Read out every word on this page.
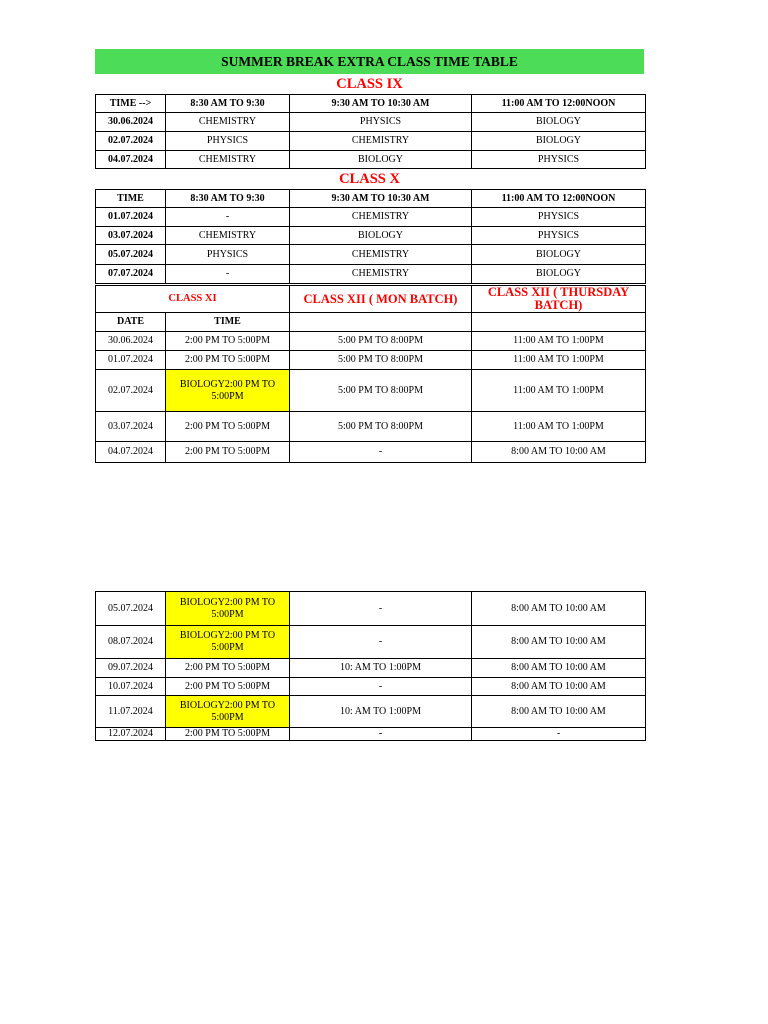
SUMMER BREAK EXTRA CLASS TIME TABLE
CLASS IX
TIME -->	8:30 AM TO 9:30	9:30 AM TO 10:30 AM	11:00 AM TO 12:00NOON
30.06.2024	CHEMISTRY	PHYSICS	BIOLOGY
02.07.2024	PHYSICS	CHEMISTRY	BIOLOGY
04.07.2024	CHEMISTRY	BIOLOGY	PHYSICS
CLASS X
TIME	8:30 AM TO 9:30	9:30 AM TO 10:30 AM	11:00 AM TO 12:00NOON
01.07.2024	-	CHEMISTRY	PHYSICS
03.07.2024	CHEMISTRY	BIOLOGY	PHYSICS
05.07.2024	PHYSICS	CHEMISTRY	BIOLOGY
07.07.2024	-	CHEMISTRY	BIOLOGY
CLASS XI		CLASS XII ( MON BATCH)	CLASS XII ( THURSDAY BATCH)
DATE	TIME		
30.06.2024	2:00 PM TO 5:00PM	5:00 PM TO 8:00PM	11:00 AM TO 1:00PM
01.07.2024	2:00 PM TO 5:00PM	5:00 PM TO 8:00PM	11:00 AM TO 1:00PM
02.07.2024	BIOLOGY2:00 PM TO 5:00PM	5:00 PM TO 8:00PM	11:00 AM TO 1:00PM
03.07.2024	2:00 PM TO 5:00PM	5:00 PM TO 8:00PM	11:00 AM TO 1:00PM
04.07.2024	2:00 PM TO 5:00PM	-	8:00 AM TO 10:00 AM
05.07.2024	BIOLOGY2:00 PM TO 5:00PM	-	8:00 AM TO 10:00 AM
08.07.2024	BIOLOGY2:00 PM TO 5:00PM	-	8:00 AM TO 10:00 AM
09.07.2024	2:00 PM TO 5:00PM	10: AM TO 1:00PM	8:00 AM TO 10:00 AM
10.07.2024	2:00 PM TO 5:00PM	-	8:00 AM TO 10:00 AM
11.07.2024	BIOLOGY2:00 PM TO 5:00PM	10: AM TO 1:00PM	8:00 AM TO 10:00 AM
12.07.2024	2:00 PM TO 5:00PM	-	-
